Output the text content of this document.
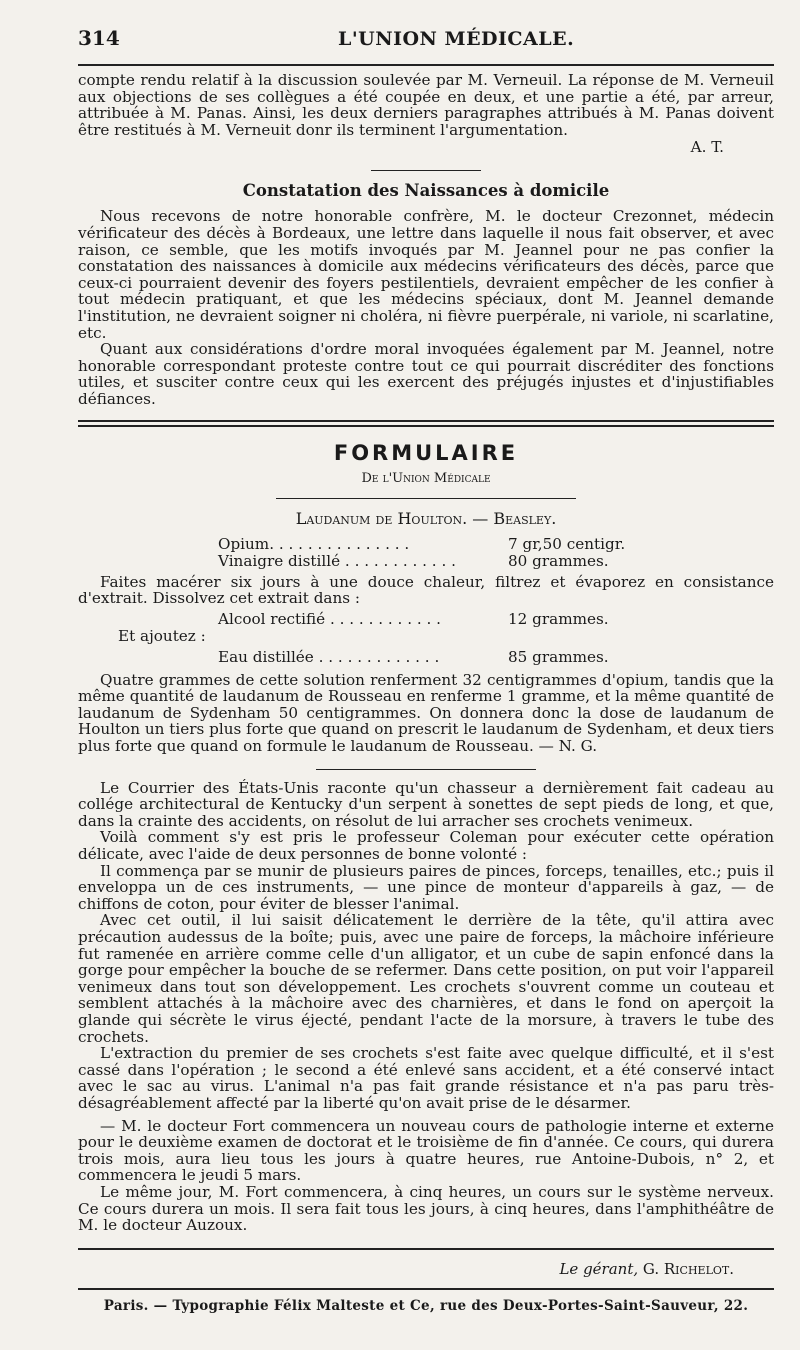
314	L'UNION MÉDICALE.

compte rendu relatif à la discussion soulevée par M. Verneuil. La réponse de M. Verneuil aux objections de ses collègues a été coupée en deux, et une partie a été, par arreur, attribuée à M. Panas. Ainsi, les deux derniers paragraphes attribués à M. Panas doivent être restitués à M. Verneuit donr ils terminent l'argumentation.

A. T.
Constatation des Naissances à domicile

Nous recevons de notre honorable confrère, M. le docteur Crezonnet, médecin vérificateur des décès à Bordeaux, une lettre dans laquelle il nous fait observer, et avec raison, ce semble, que les motifs invoqués par M. Jeannel pour ne pas confier la constatation des naissances à domicile aux médecins vérificateurs des décès, parce que ceux-ci pourraient devenir des foyers pestilentiels, devraient empêcher de les confier à tout médecin pratiquant, et que les médecins spéciaux, dont M. Jeannel demande l'institution, ne devraient soigner ni choléra, ni fièvre puerpérale, ni variole, ni scarlatine, etc.

Quant aux considérations d'ordre moral invoquées également par M. Jeannel, notre honorable correspondant proteste contre tout ce qui pourrait discréditer des fonctions utiles, et susciter contre ceux qui les exercent des préjugés injustes et d'injustifiables défiances.

FORMULAIRE
De l'Union Médicale
Laudanum de Houlton. — Beasley.
Opium. . . . . . . . . . . . . . .	7 gr,50 centigr.
Vinaigre distillé . . . . . . . . . . . .	80 grammes.

Faites macérer six jours à une douce chaleur, filtrez et évaporez en consistance d'extrait. Dissolvez cet extrait dans :

Alcool rectifié . . . . . . . . . . . .	12 grammes.
Et ajoutez :
Eau distillée . . . . . . . . . . . . .	85 grammes.

Quatre grammes de cette solution renferment 32 centigrammes d'opium, tandis que la même quantité de laudanum de Rousseau en renferme 1 gramme, et la même quantité de laudanum de Sydenham 50 centigrammes. On donnera donc la dose de laudanum de Houlton un tiers plus forte que quand on prescrit le laudanum de Sydenham, et deux tiers plus forte que quand on formule le laudanum de Rousseau. — N. G.

Le Courrier des États-Unis raconte qu'un chasseur a dernièrement fait cadeau au collége architectural de Kentucky d'un serpent à sonettes de sept pieds de long, et que, dans la crainte des accidents, on résolut de lui arracher ses crochets venimeux.

Voilà comment s'y est pris le professeur Coleman pour exécuter cette opération délicate, avec l'aide de deux personnes de bonne volonté :

Il commença par se munir de plusieurs paires de pinces, forceps, tenailles, etc.; puis il enveloppa un de ces instruments, — une pince de monteur d'appareils à gaz, — de chiffons de coton, pour éviter de blesser l'animal.

Avec cet outil, il lui saisit délicatement le derrière de la tête, qu'il attira avec précaution audessus de la boîte; puis, avec une paire de forceps, la mâchoire inférieure fut ramenée en arrière comme celle d'un alligator, et un cube de sapin enfoncé dans la gorge pour empêcher la bouche de se refermer. Dans cette position, on put voir l'appareil venimeux dans tout son développement. Les crochets s'ouvrent comme un couteau et semblent attachés à la mâchoire avec des charnières, et dans le fond on aperçoit la glande qui sécrète le virus éjecté, pendant l'acte de la morsure, à travers le tube des crochets.

L'extraction du premier de ses crochets s'est faite avec quelque difficulté, et il s'est cassé dans l'opération ; le second a été enlevé sans accident, et a été conservé intact avec le sac au virus. L'animal n'a pas fait grande résistance et n'a pas paru très-désagréablement affecté par la liberté qu'on avait prise de le désarmer.

— M. le docteur Fort commencera un nouveau cours de pathologie interne et externe pour le deuxième examen de doctorat et le troisième de fin d'année. Ce cours, qui durera trois mois, aura lieu tous les jours à quatre heures, rue Antoine-Dubois, n° 2, et commencera le jeudi 5 mars.

Le même jour, M. Fort commencera, à cinq heures, un cours sur le système nerveux. Ce cours durera un mois. Il sera fait tous les jours, à cinq heures, dans l'amphithéâtre de M. le docteur Auzoux.

Le gérant, G. Richelot.
Paris. — Typographie Félix Malteste et Ce, rue des Deux-Portes-Saint-Sauveur, 22.
